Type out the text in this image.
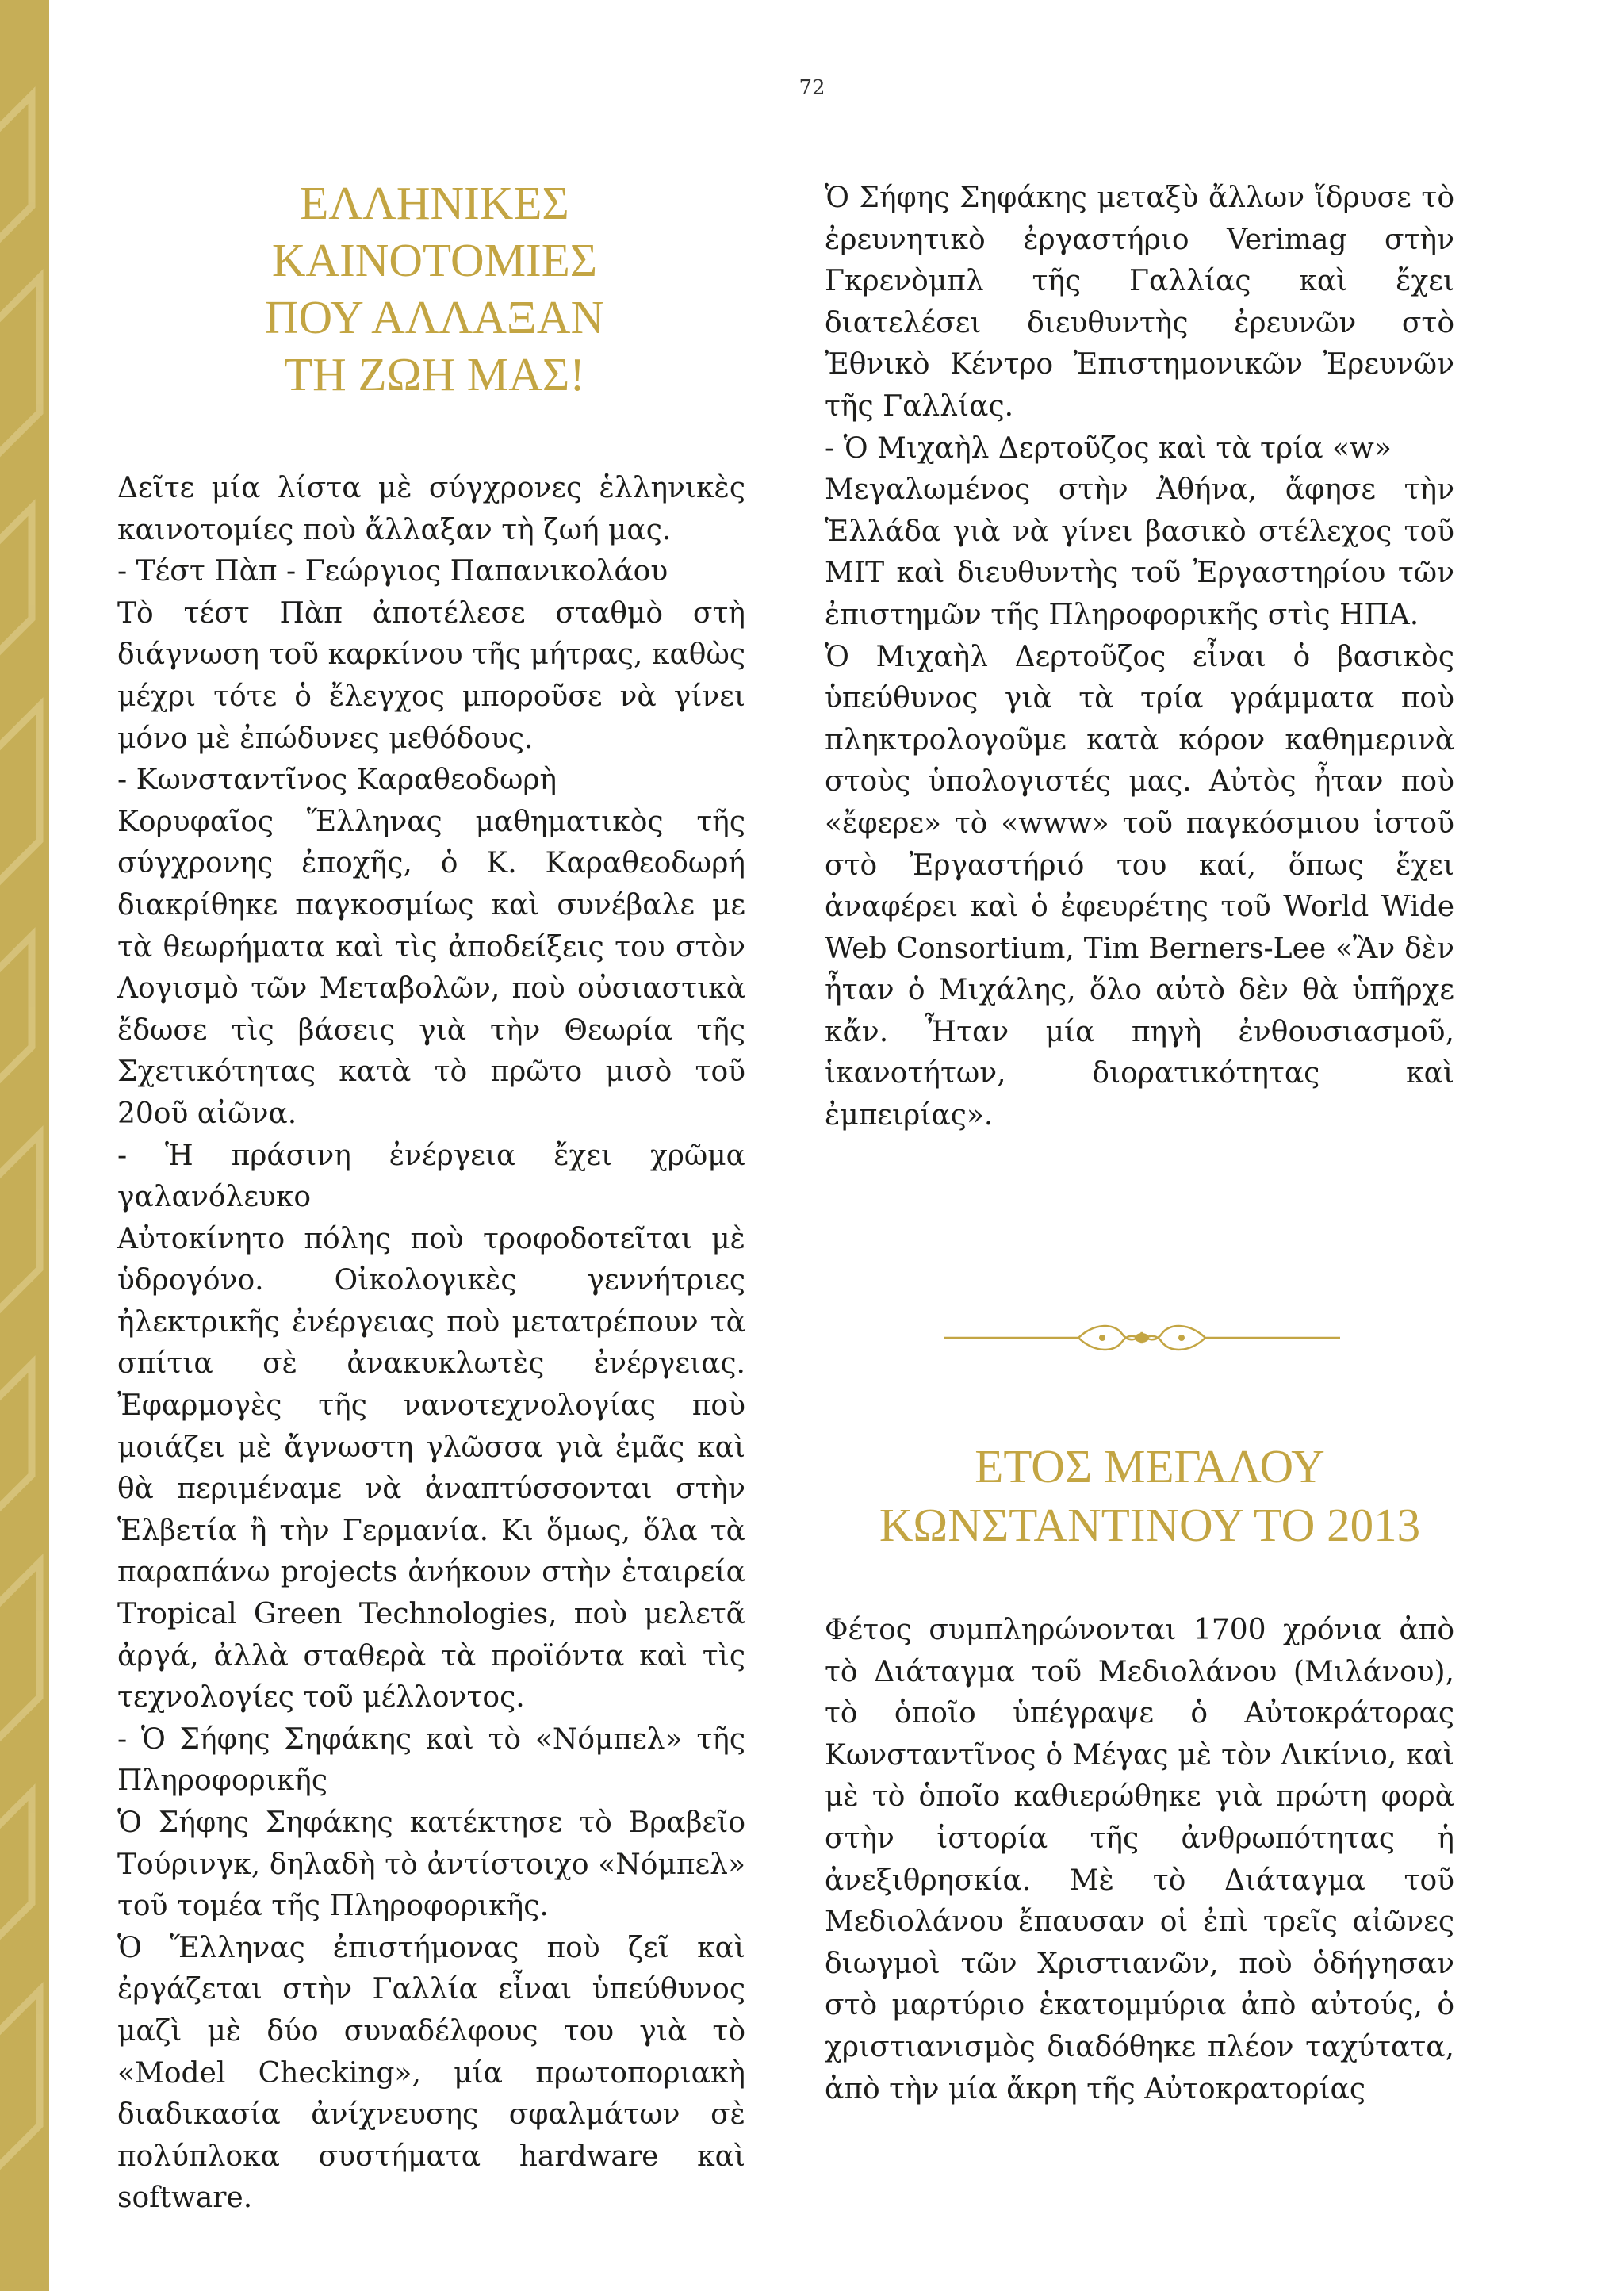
72
ΕΛΛΗΝΙΚΕΣ
ΚΑΙΝΟΤΟΜΙΕΣ
ΠΟΥ ΑΛΛΑΞΑΝ
ΤΗ ΖΩΗ ΜΑΣ!

Δεῖτε μία λίστα μὲ σύγχρονες ἑλληνικὲς καινοτομίες ποὺ ἄλλαξαν τὴ ζωή μας.

- Τέστ Πὰπ - Γεώργιος Παπανικολάου

Τὸ τέστ Πὰπ ἀποτέλεσε σταθμὸ στὴ διάγνωση τοῦ καρκίνου τῆς μήτρας, καθὼς μέχρι τότε ὁ ἔλεγχος μποροῦσε νὰ γίνει μόνο μὲ ἐπώδυνες μεθόδους.

- Κωνσταντῖνος Καραθεοδωρὴ

Κορυφαῖος Ἕλληνας μαθηματικὸς τῆς σύγχρονης ἐποχῆς, ὁ Κ. Καραθεοδωρή διακρίθηκε παγκοσμίως καὶ συνέβαλε με τὰ θεωρήματα καὶ τὶς ἀποδείξεις του στὸν Λογισμὸ τῶν Μεταβολῶν, ποὺ οὐσιαστικὰ ἔδωσε τὶς βάσεις γιὰ τὴν Θεωρία τῆς Σχετικότητας κατὰ τὸ πρῶτο μισὸ τοῦ 20οῦ αἰῶνα.

- Ἡ πράσινη ἐνέργεια ἔχει χρῶμα γαλανόλευκο

Αὐτοκίνητο πόλης ποὺ τροφοδοτεῖται μὲ ὑδρογόνο. Οἰκολογικὲς γεννήτριες ἠλεκτρικῆς ἐνέργειας ποὺ μετατρέπουν τὰ σπίτια σὲ ἀνακυκλωτὲς ἐνέργειας. Ἐφαρμογὲς τῆς νανοτεχνολογίας ποὺ μοιάζει μὲ ἄγνωστη γλῶσσα γιὰ ἐμᾶς καὶ θὰ περιμέναμε νὰ ἀναπτύσσονται στὴν Ἑλβετία ἢ τὴν Γερμανία. Κι ὅμως, ὅλα τὰ παραπάνω projects ἀνήκουν στὴν ἑταιρεία Tropical Green Technologies, ποὺ μελετᾶ ἀργά, ἀλλὰ σταθερὰ τὰ προϊόντα καὶ τὶς τεχνολογίες τοῦ μέλλοντος.

- Ὁ Σήφης Σηφάκης καὶ τὸ «Νόμπελ» τῆς Πληροφορικῆς

Ὁ Σήφης Σηφάκης κατέκτησε τὸ Βραβεῖο Τούρινγκ, δηλαδὴ τὸ ἀντίστοιχο «Νόμπελ» τοῦ τομέα τῆς Πληροφορικῆς.

Ὁ Ἕλληνας ἐπιστήμονας ποὺ ζεῖ καὶ ἐργάζεται στὴν Γαλλία εἶναι ὑπεύθυνος μαζὶ μὲ δύο συναδέλφους του γιὰ τὸ «Model Checking», μία πρωτοποριακὴ διαδικασία ἀνίχνευσης σφαλμάτων σὲ πολύπλοκα συστήματα hardware καὶ software.

Ὁ Σήφης Σηφάκης μεταξὺ ἄλλων ἵδρυσε τὸ ἐρευνητικὸ ἐργαστήριο Verimag στὴν Γκρενὸμπλ τῆς Γαλλίας καὶ ἔχει διατελέσει διευθυντὴς ἐρευνῶν στὸ Ἐθνικὸ Κέντρο Ἐπιστημονικῶν Ἐρευνῶν τῆς Γαλλίας.

- Ὁ Μιχαὴλ Δερτοῦζος καὶ τὰ τρία «w»

Μεγαλωμένος στὴν Ἀθήνα, ἄφησε τὴν Ἑλλάδα γιὰ νὰ γίνει βασικὸ στέλεχος τοῦ MIT καὶ διευθυντὴς τοῦ Ἐργαστηρίου τῶν ἐπιστημῶν τῆς Πληροφορικῆς στὶς ΗΠΑ.

Ὁ Μιχαὴλ Δερτοῦζος εἶναι ὁ βασικὸς ὑπεύθυνος γιὰ τὰ τρία γράμματα ποὺ πληκτρολογοῦμε κατὰ κόρον καθημερινὰ στοὺς ὑπολογιστές μας. Αὐτὸς ἦταν ποὺ «ἔφερε» τὸ «www» τοῦ παγκόσμιου ἱστοῦ στὸ Ἐργαστήριό του καί, ὅπως ἔχει ἀναφέρει καὶ ὁ ἐφευρέτης τοῦ World Wide Web Consortium, Tim Berners-Lee «Ἂν δὲν ἦταν ὁ Μιχάλης, ὅλο αὐτὸ δὲν θὰ ὑπῆρχε κἄν. Ἦταν μία πηγὴ ἐνθουσιασμοῦ, ἱκανοτήτων, διορατικότητας καὶ ἐμπειρίας».

ΕΤΟΣ ΜΕΓΑΛΟΥ
ΚΩΝΣΤΑΝΤΙΝΟΥ ΤΟ 2013

Φέτος συμπληρώνονται 1700 χρόνια ἀπὸ τὸ Διάταγμα τοῦ Μεδιολάνου (Μιλάνου), τὸ ὁποῖο ὑπέγραψε ὁ Αὐτοκράτορας Κωνσταντῖνος ὁ Μέγας μὲ τὸν Λικίνιο, καὶ μὲ τὸ ὁποῖο καθιερώθηκε γιὰ πρώτη φορὰ στὴν ἱστορία τῆς ἀνθρωπότητας ἡ ἀνεξιθρησκία. Μὲ τὸ Διάταγμα τοῦ Μεδιολάνου ἔπαυσαν οἱ ἐπὶ τρεῖς αἰῶνες διωγμοὶ τῶν Χριστιανῶν, ποὺ ὁδήγησαν στὸ μαρτύριο ἑκατομμύρια ἀπὸ αὐτούς, ὁ χριστιανισμὸς διαδόθηκε πλέον ταχύτατα, ἀπὸ τὴν μία ἄκρη τῆς Αὐτοκρατορίας
